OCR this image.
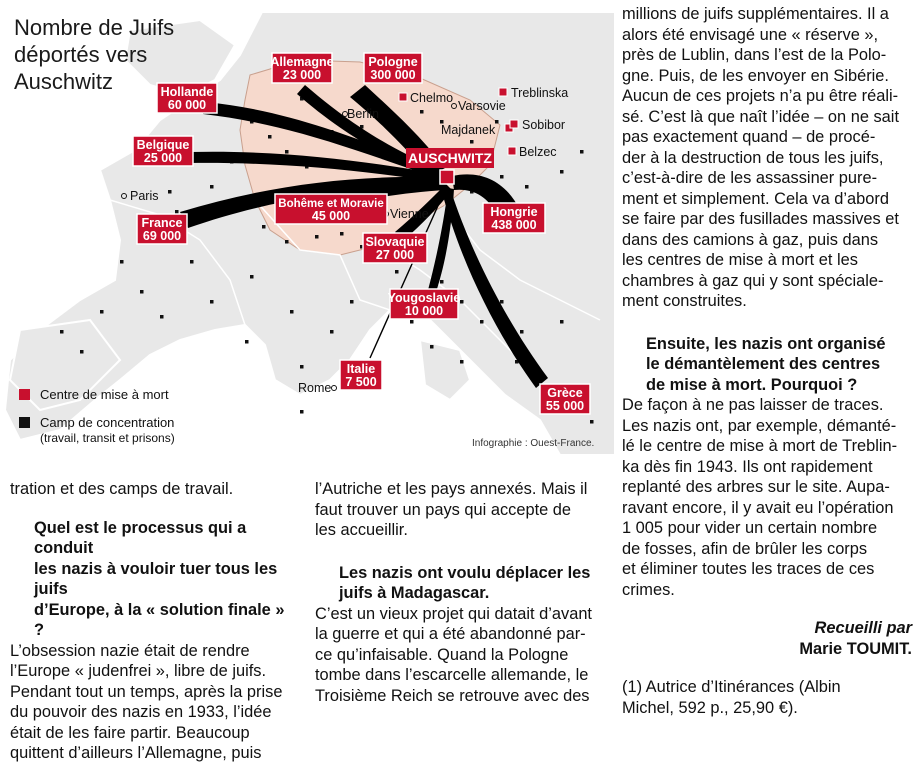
AUSCHWITZ
Berlin
Chelmo
Varsovie
Treblinska
Majdanek Sobibor
Belzec
Paris
Vienne
Rome
Hollande
60 000
Allemagne
23 000
Pologne
300 000
Belgique
25 000
France
69 000
Bohême et Moravie
45 000
Slovaquie
27 000
Hongrie
438 000
Yougoslavie
10 000
Italie
7 500
Grèce
55 000
Nombre de Juifs
déportés vers
Auschwitz
Centre de mise à mort
Camp de concentration
(travail, transit et prisons)	Infographie : Ouest-France.

tration et des camps de travail.

Quel est le processus qui a conduit
les nazis à vouloir tuer tous les juifs
d’Europe, à la « solution finale » ?
L’obsession nazie était de rendre
l’Europe « judenfrei », libre de juifs.
Pendant tout un temps, après la prise
du pouvoir des nazis en 1933, l’idée
était de les faire partir. Beaucoup
quittent d’ailleurs l’Allemagne, puis
l’Autriche et les pays annexés. Mais il
faut trouver un pays qui accepte de
les accueillir.
Les nazis ont voulu déplacer les
juifs à Madagascar.
C’est un vieux projet qui datait d’avant
la guerre et qui a été abandonné par-
ce qu’infaisable. Quand la Pologne
tombe dans l’escarcelle allemande, le
Troisième Reich se retrouve avec des
millions de juifs supplémentaires. Il a
alors été envisagé une « réserve »,
près de Lublin, dans l’est de la Polo-
gne. Puis, de les envoyer en Sibérie.
Aucun de ces projets n’a pu être réali-
sé. C’est là que naît l’idée – on ne sait
pas exactement quand – de procé-
der à la destruction de tous les juifs,
c’est-à-dire de les assassiner pure-
ment et simplement. Cela va d’abord
se faire par des fusillades massives et
dans des camions à gaz, puis dans
les centres de mise à mort et les
chambres à gaz qui y sont spéciale-
ment construites.
Ensuite, les nazis ont organisé
le démantèlement des centres
de mise à mort. Pourquoi ?
De façon à ne pas laisser de traces.
Les nazis ont, par exemple, démanté-
lé le centre de mise à mort de Treblin-
ka dès fin 1943. Ils ont rapidement
replanté des arbres sur le site. Aupa-
ravant encore, il y avait eu l’opération
1 005 pour vider un certain nombre
de fosses, afin de brûler les corps
et éliminer toutes les traces de ces
crimes.
Recueilli par
Marie TOUMIT.
(1) Autrice d’Itinérances (Albin
Michel, 592 p., 25,90 €).
